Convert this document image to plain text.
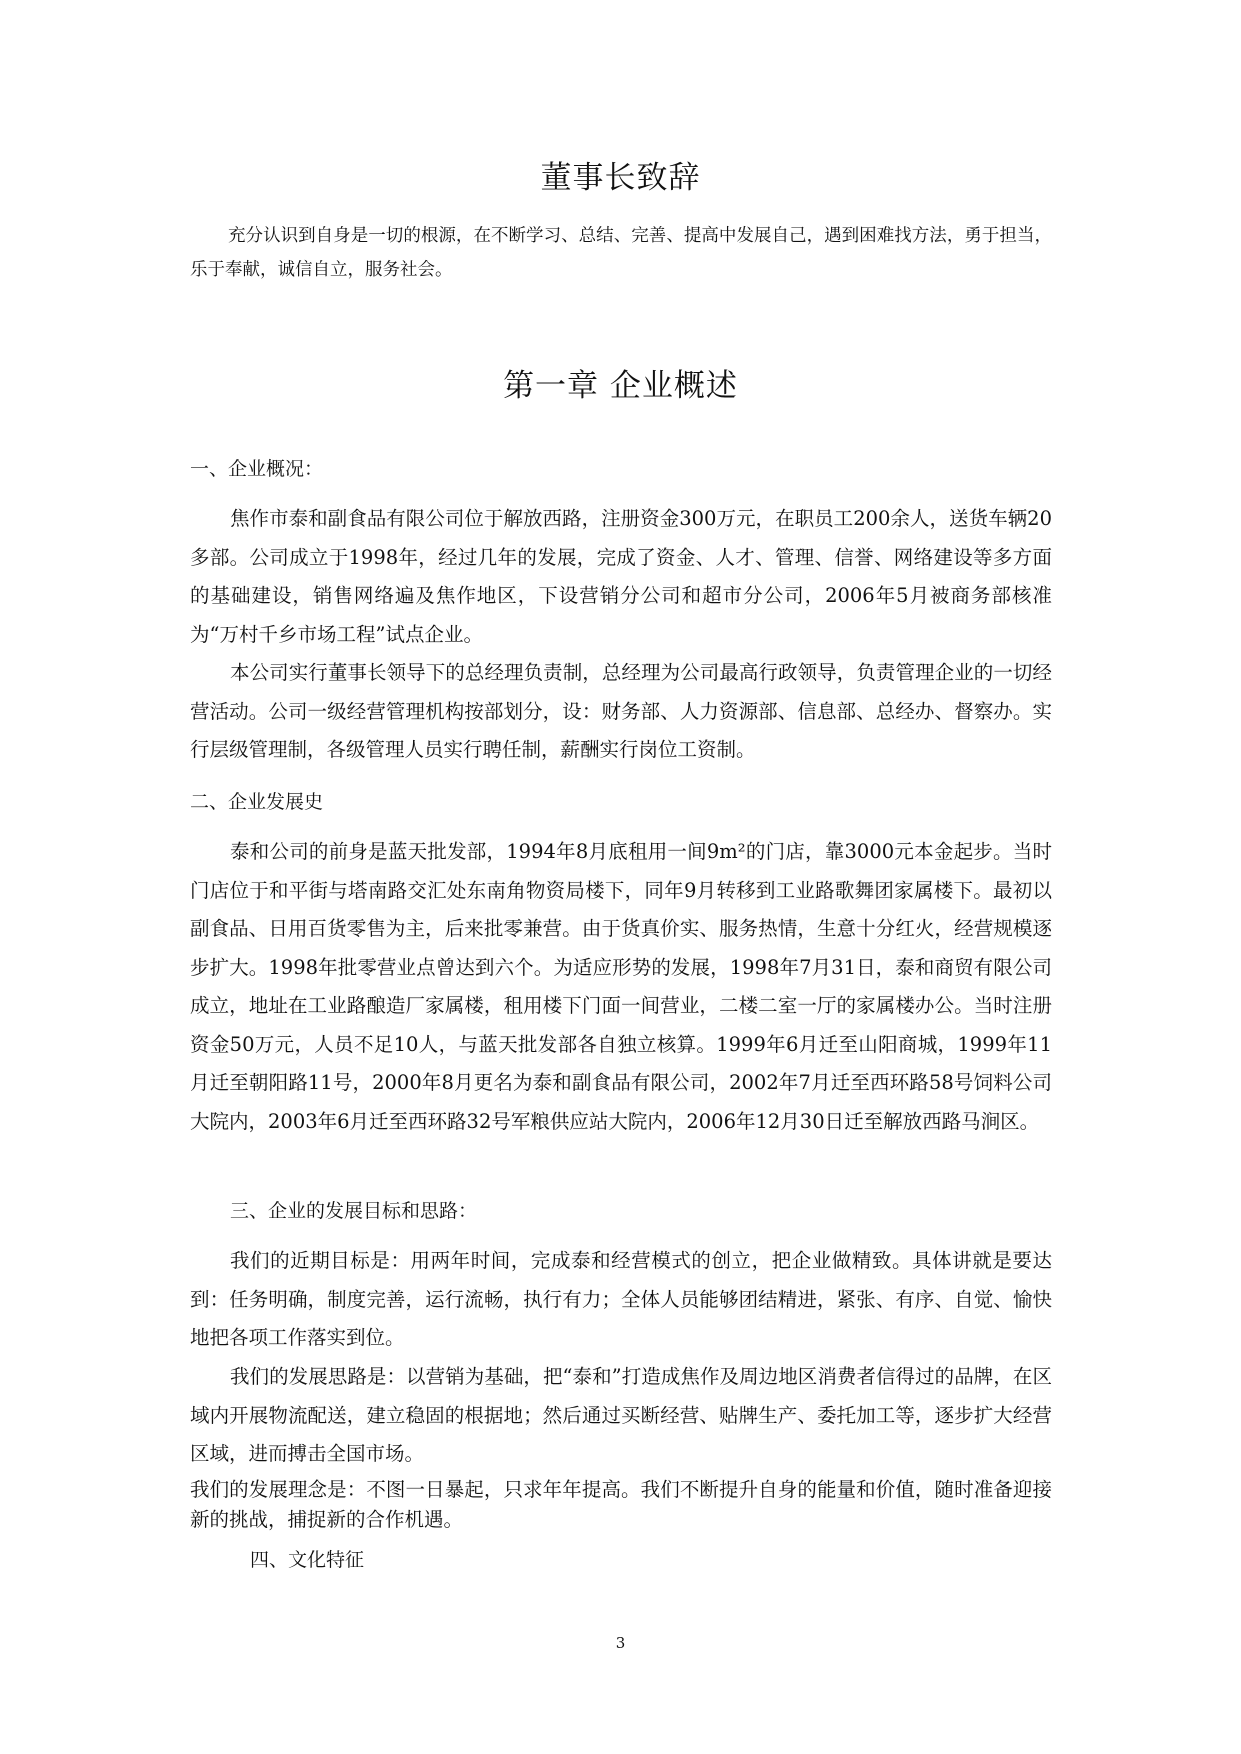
董事长致辞

充分认识到自身是一切的根源，在不断学习、总结、完善、提高中发展自己，遇到困难找方法，勇于担当，乐于奉献，诚信自立，服务社会。

第一章 企业概述

一、企业概况：

焦作市泰和副食品有限公司位于解放西路，注册资金300万元，在职员工200余人，送货车辆20多部。公司成立于1998年，经过几年的发展，完成了资金、人才、管理、信誉、网络建设等多方面的基础建设，销售网络遍及焦作地区，下设营销分公司和超市分公司，2006年5月被商务部核准为“万村千乡市场工程”试点企业。

本公司实行董事长领导下的总经理负责制，总经理为公司最高行政领导，负责管理企业的一切经营活动。公司一级经营管理机构按部划分，设：财务部、人力资源部、信息部、总经办、督察办。实行层级管理制，各级管理人员实行聘任制，薪酬实行岗位工资制。

二、企业发展史

泰和公司的前身是蓝天批发部，1994年8月底租用一间9m²的门店，靠3000元本金起步。当时门店位于和平街与塔南路交汇处东南角物资局楼下，同年9月转移到工业路歌舞团家属楼下。最初以副食品、日用百货零售为主，后来批零兼营。由于货真价实、服务热情，生意十分红火，经营规模逐步扩大。1998年批零营业点曾达到六个。为适应形势的发展，1998年7月31日，泰和商贸有限公司成立，地址在工业路酿造厂家属楼，租用楼下门面一间营业，二楼二室一厅的家属楼办公。当时注册资金50万元，人员不足10人，与蓝天批发部各自独立核算。1999年6月迁至山阳商城，1999年11月迁至朝阳路11号，2000年8月更名为泰和副食品有限公司，2002年7月迁至西环路58号饲料公司大院内，2003年6月迁至西环路32号军粮供应站大院内，2006年12月30日迁至解放西路马涧区。

三、企业的发展目标和思路：

我们的近期目标是：用两年时间，完成泰和经营模式的创立，把企业做精致。具体讲就是要达到：任务明确，制度完善，运行流畅，执行有力；全体人员能够团结精进，紧张、有序、自觉、愉快地把各项工作落实到位。

我们的发展思路是：以营销为基础，把“泰和”打造成焦作及周边地区消费者信得过的品牌，在区域内开展物流配送，建立稳固的根据地；然后通过买断经营、贴牌生产、委托加工等，逐步扩大经营区域，进而搏击全国市场。

我们的发展理念是：不图一日暴起，只求年年提高。我们不断提升自身的能量和价值，随时准备迎接新的挑战，捕捉新的合作机遇。

四、文化特征

3
